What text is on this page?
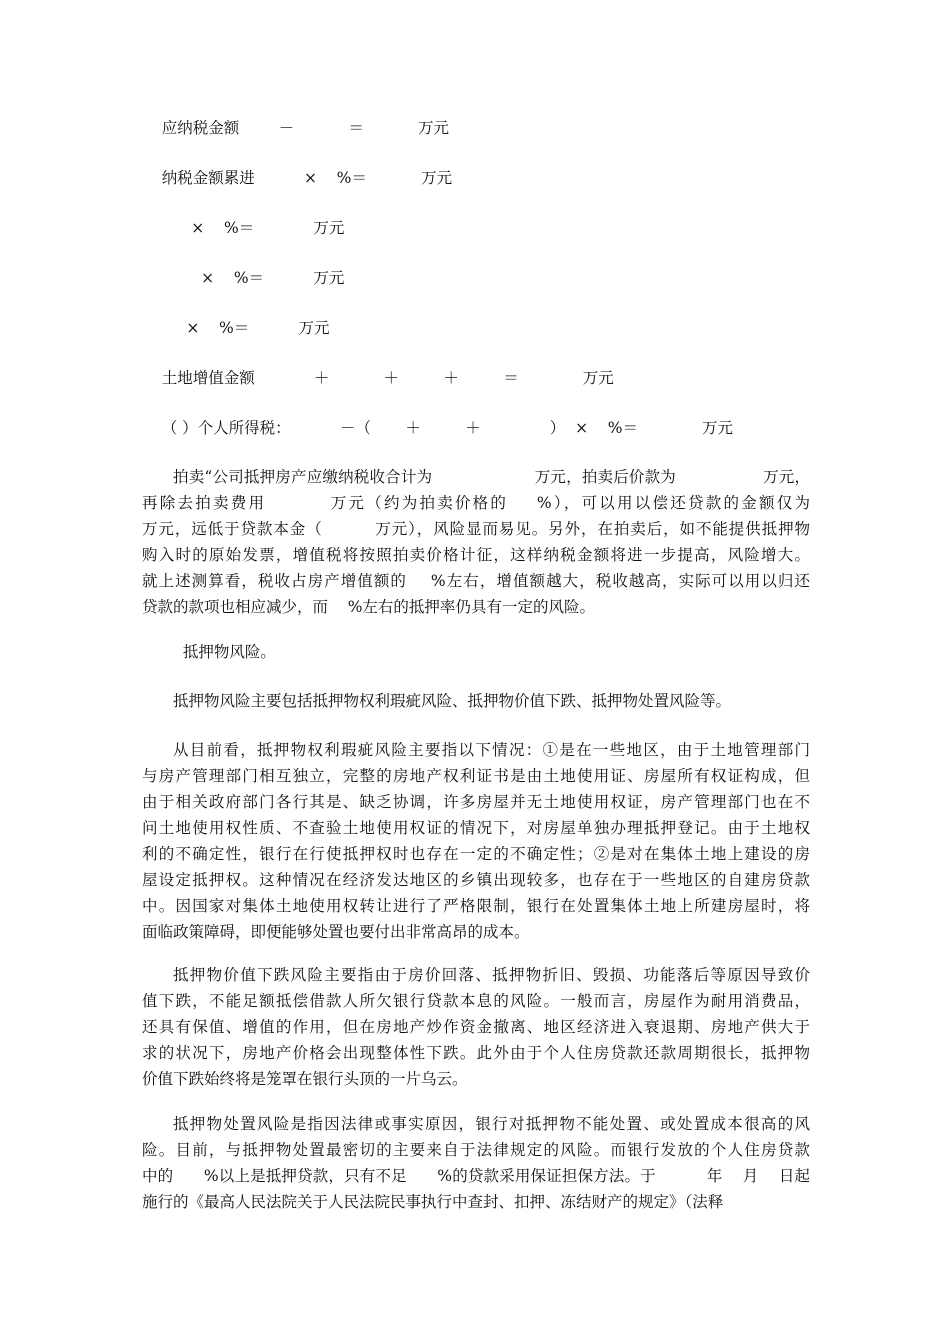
应纳税金额        －           ＝           万元

纳税金额累进          ×    %＝           万元

×    %＝            万元

×    %＝          万元

×    %＝          万元

土地增值金额            ＋           ＋         ＋         ＝             万元

（ ）个人所得税：          －（       ＋         ＋              ）  ×    %＝             万元

拍卖“公司抵押房产应缴纳税收合计为                    万元，拍卖后价款为                 万元，
再除去拍卖费用         万元（约为拍卖价格的    %），可以用以偿还贷款的金额仅为
万元，远低于贷款本金（         万元），风险显而易见。另外，在拍卖后，如不能提供抵押物
购入时的原始发票，增值税将按照拍卖价格计征，这样纳税金额将进一步提高，风险增大。
就上述测算看，税收占房产增值额的    %左右，增值额越大，税收越高，实际可以用以归还
贷款的款项也相应减少，而    %左右的抵押率仍具有一定的风险。

抵押物风险。

抵押物风险主要包括抵押物权利瑕疵风险、抵押物价值下跌、抵押物处置风险等。

从目前看，抵押物权利瑕疵风险主要指以下情况：①是在一些地区，由于土地管理部门
与房产管理部门相互独立，完整的房地产权利证书是由土地使用证、房屋所有权证构成，但
由于相关政府部门各行其是、缺乏协调，许多房屋并无土地使用权证，房产管理部门也在不
问土地使用权性质、不查验土地使用权证的情况下，对房屋单独办理抵押登记。由于土地权
利的不确定性，银行在行使抵押权时也存在一定的不确定性；②是对在集体土地上建设的房
屋设定抵押权。这种情况在经济发达地区的乡镇出现较多，也存在于一些地区的自建房贷款
中。因国家对集体土地使用权转让进行了严格限制，银行在处置集体土地上所建房屋时，将
面临政策障碍，即便能够处置也要付出非常高昂的成本。
抵押物价值下跌风险主要指由于房价回落、抵押物折旧、毁损、功能落后等原因导致价
值下跌，不能足额抵偿借款人所欠银行贷款本息的风险。一般而言，房屋作为耐用消费品，
还具有保值、增值的作用，但在房地产炒作资金撤离、地区经济进入衰退期、房地产供大于
求的状况下，房地产价格会出现整体性下跌。此外由于个人住房贷款还款周期很长，抵押物
价值下跌始终将是笼罩在银行头顶的一片乌云。
抵押物处置风险是指因法律或事实原因，银行对抵押物不能处置、或处置成本很高的风
险。目前，与抵押物处置最密切的主要来自于法律规定的风险。而银行发放的个人住房贷款
中的      %以上是抵押贷款，只有不足      %的贷款采用保证担保方法。于          年    月    日起
施行的《最高人民法院关于人民法院民事执行中查封、扣押、冻结财产的规定》（法释
